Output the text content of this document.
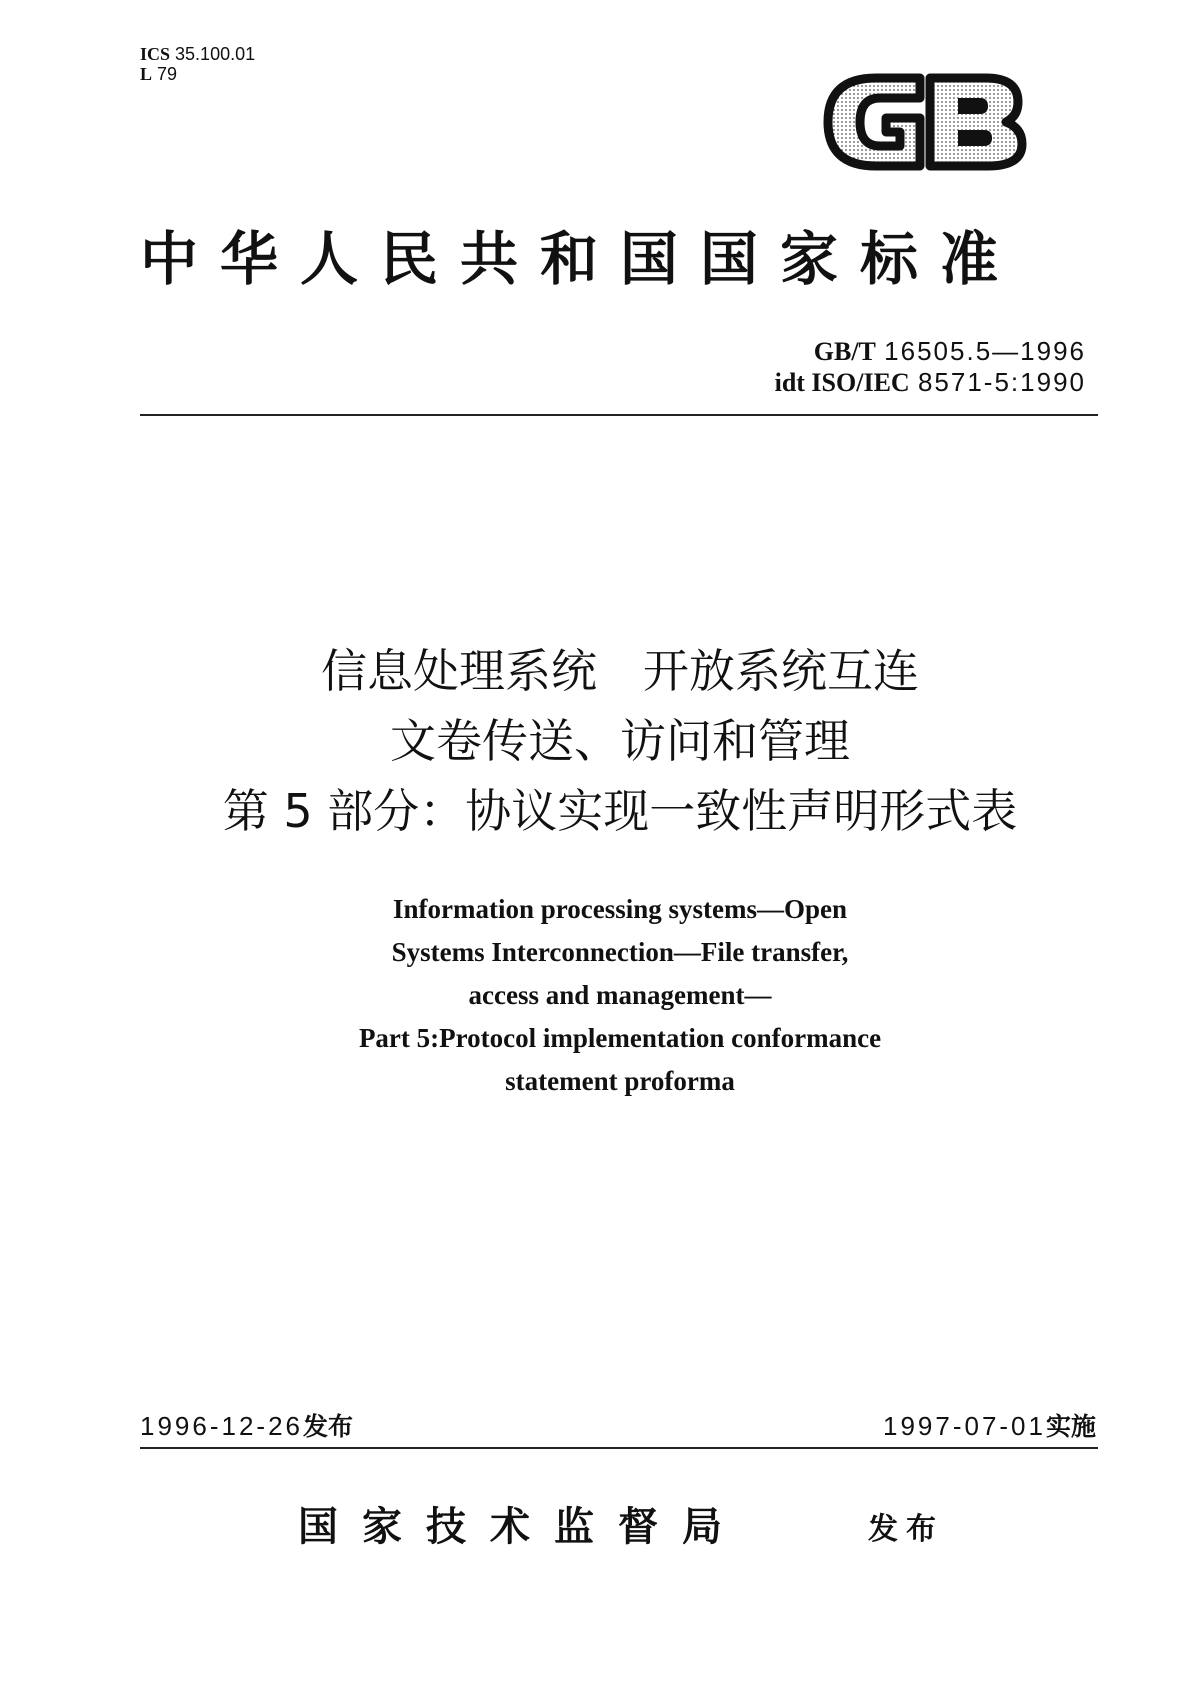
ICS 35.100.01
L 79
中华人民共和国国家标准
GB/T 16505.5—1996
idt ISO/IEC 8571-5:1990
信息处理系统　开放系统互连
文卷传送、访问和管理
第 5 部分：协议实现一致性声明形式表
Information processing systems—Open
Systems Interconnection—File transfer,
access and management—
Part 5:Protocol implementation conformance
statement proforma
1996-12-26发布	1997-07-01实施
国家技术监督局	发布
